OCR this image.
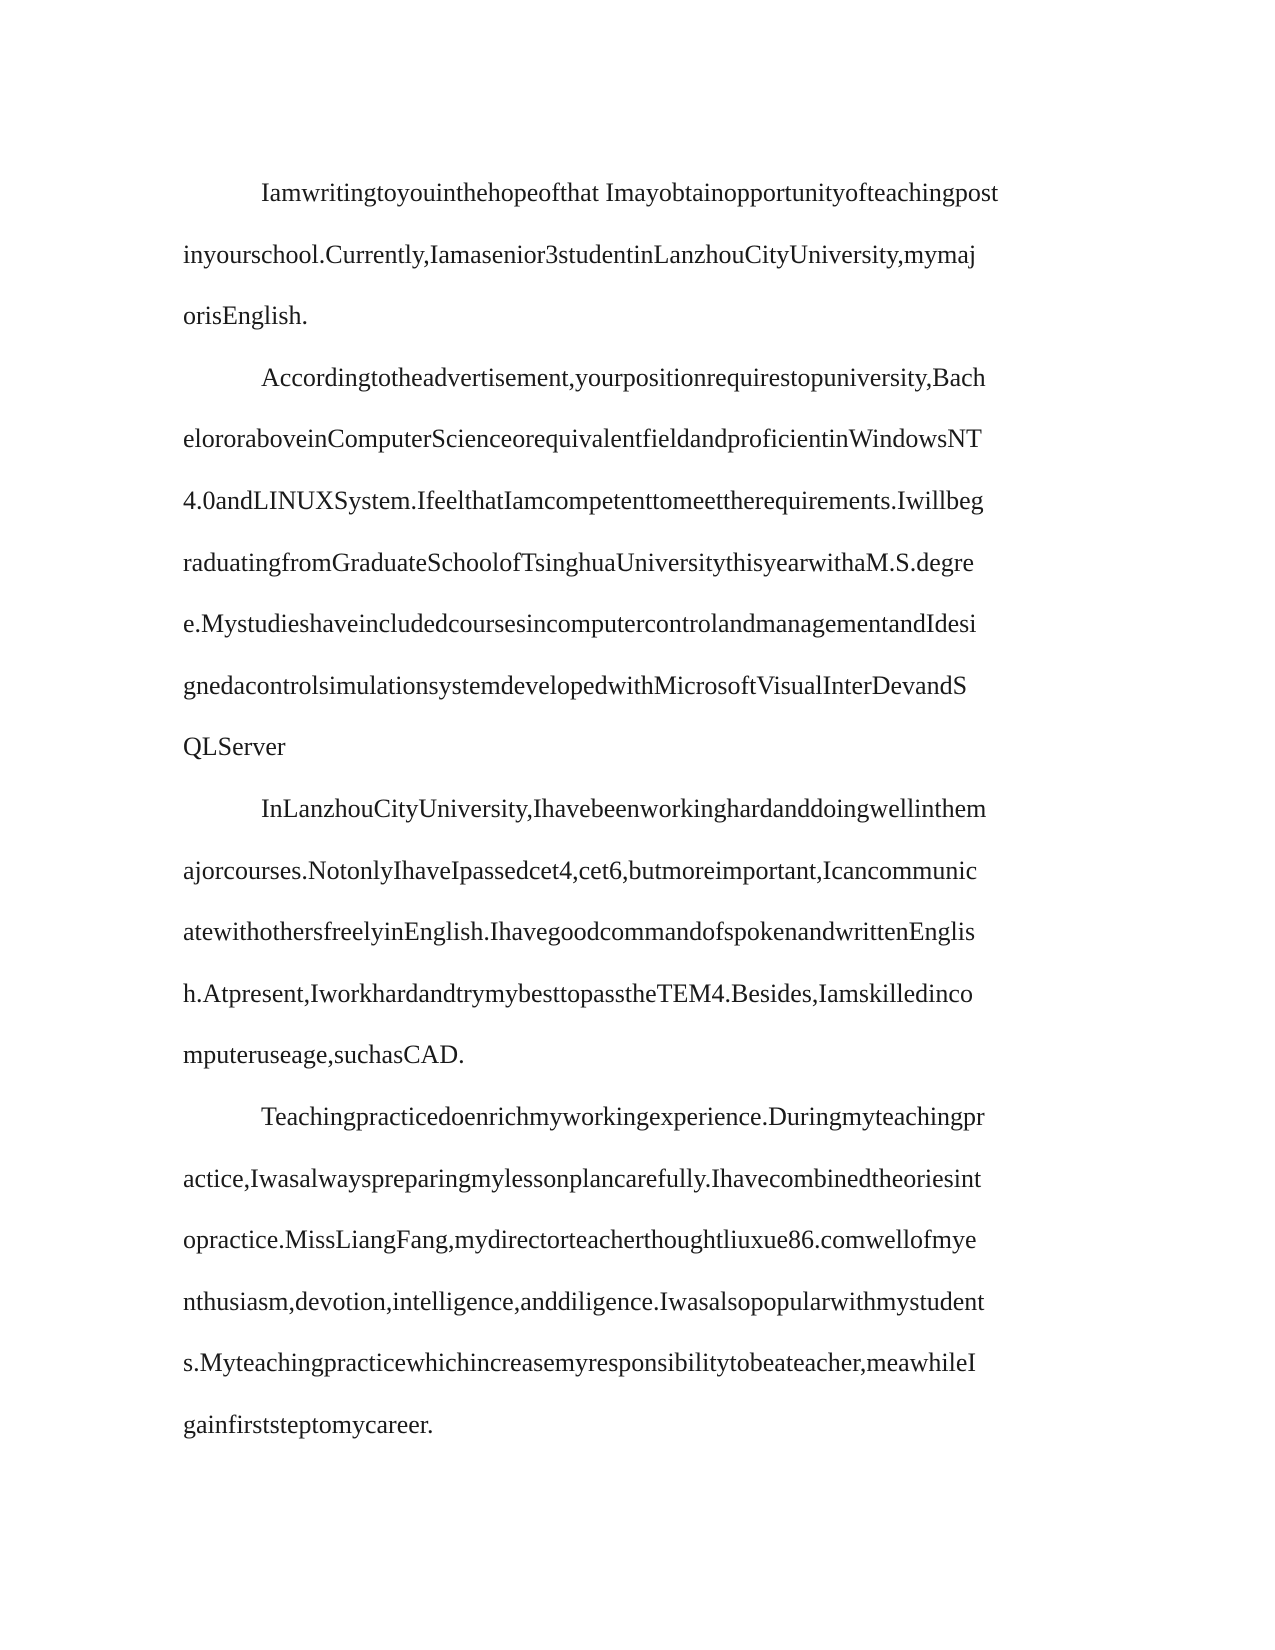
Iamwritingtoyouinthehopeofthat Imayobtainopportunityofteachingpost
inyourschool.Currently,Iamasenior3studentinLanzhouCityUniversity,mymaj
orisEnglish.
Accordingtotheadvertisement,yourpositionrequirestopuniversity,Bach
elororaboveinComputerScienceorequivalentfieldandproficientinWindowsNT
4.0andLINUXSystem.IfeelthatIamcompetenttomeettherequirements.Iwillbeg
raduatingfromGraduateSchoolofTsinghuaUniversitythisyearwithaM.S.degre
e.MystudieshaveincludedcoursesincomputercontrolandmanagementandIdesi
gnedacontrolsimulationsystemdevelopedwithMicrosoftVisualInterDevandS
QLServer
InLanzhouCityUniversity,Ihavebeenworkinghardanddoingwellinthem
ajorcourses.NotonlyIhaveIpassedcet4,cet6,butmoreimportant,Icancommunic
atewithothersfreelyinEnglish.IhavegoodcommandofspokenandwrittenEnglis
h.Atpresent,IworkhardandtrymybesttopasstheTEM4.Besides,Iamskilledinco
mputeruseage,suchasCAD.
Teachingpracticedoenrichmyworkingexperience.Duringmyteachingpr
actice,Iwasalwayspreparingmylessonplancarefully.Ihavecombinedtheoriesint
opractice.MissLiangFang,mydirectorteacherthoughtliuxue86.comwellofmye
nthusiasm,devotion,intelligence,anddiligence.Iwasalsopopularwithmystudent
s.Myteachingpracticewhichincreasemyresponsibilitytobeateacher,meawhileI
gainfirststeptomycareer.
